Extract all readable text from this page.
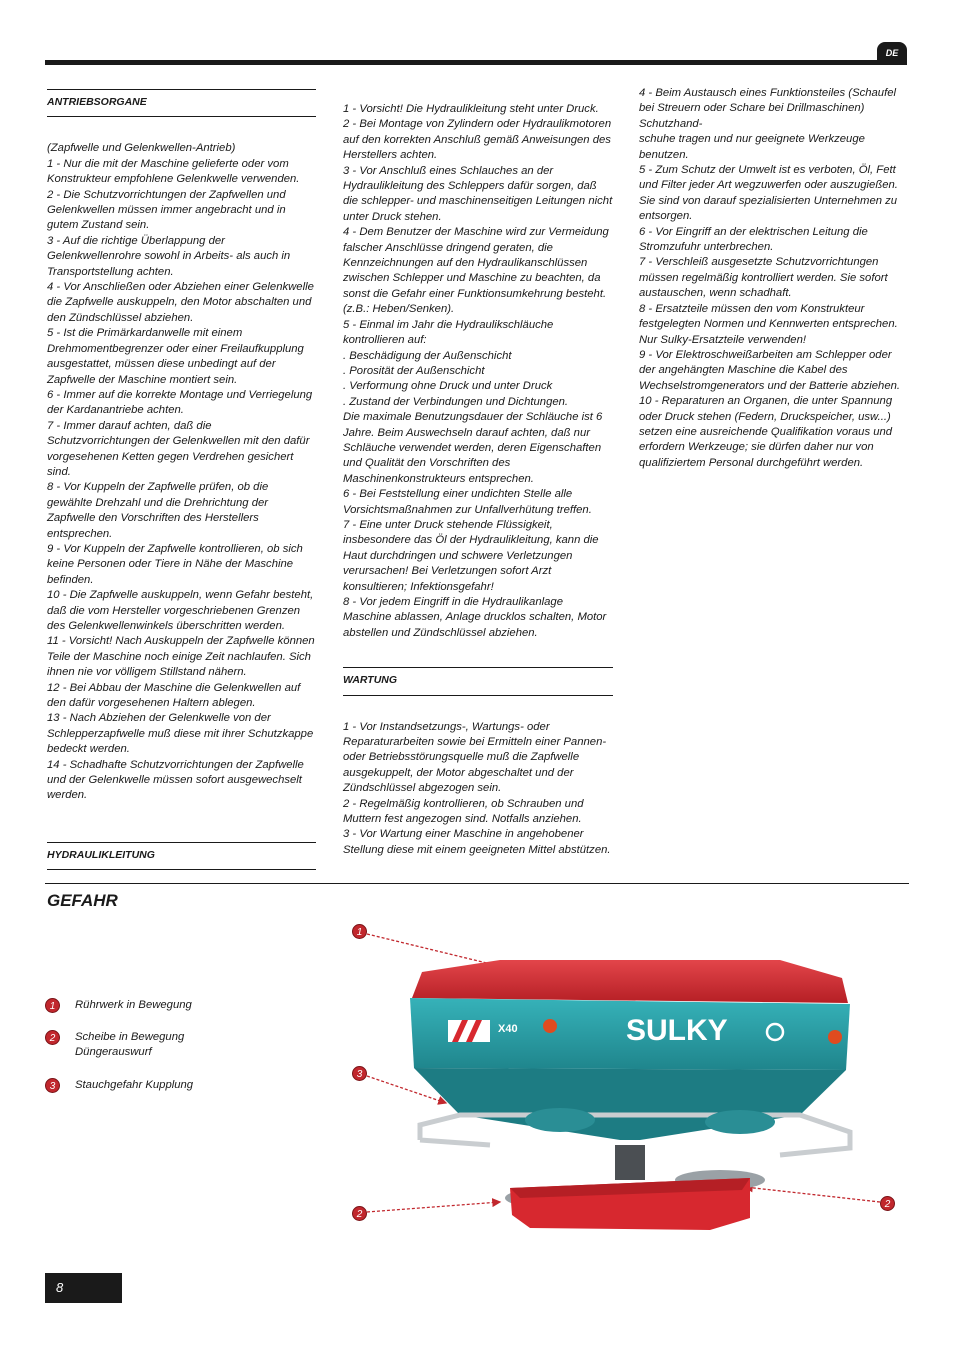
DE
ANTRIEBSORGANE

(Zapfwelle und Gelenkwellen-Antrieb)

1 - Nur die mit der Maschine gelieferte oder vom Konstrukteur empfohlene Gelenkwelle verwenden.

2 - Die Schutzvorrichtungen der Zapfwellen und Gelenkwellen müssen immer angebracht und in gutem Zustand sein.

3 - Auf die richtige Überlappung der Gelenkwellenrohre sowohl in Arbeits- als auch in Transportstellung achten.

4 - Vor Anschließen oder Abziehen einer Gelenkwelle die Zapfwelle auskuppeln, den Motor abschalten und den Zündschlüssel abziehen.

5 - Ist die Primärkardanwelle mit einem Drehmomentbegrenzer oder einer Freilaufkupplung ausgestattet, müssen diese unbedingt auf der Zapfwelle der Maschine montiert sein.

6 - Immer auf die korrekte Montage und Verriegelung der Kardanantriebe achten.

7 - Immer darauf achten, daß die Schutzvorrichtungen der Gelenkwellen mit den dafür vorgesehenen Ketten gegen Verdrehen gesichert sind.

8 - Vor Kuppeln der Zapfwelle prüfen, ob die gewählte Drehzahl und die Drehrichtung der Zapfwelle den Vorschriften des Herstellers entsprechen.

9 - Vor Kuppeln der Zapfwelle kontrollieren, ob sich keine Personen oder Tiere in Nähe der Maschine befinden.

10 - Die Zapfwelle auskuppeln, wenn Gefahr besteht, daß die vom Hersteller vorgeschriebenen Grenzen des Gelenkwellenwinkels überschritten werden.

11 - Vorsicht! Nach Auskuppeln der Zapfwelle können Teile der Maschine noch einige Zeit nachlaufen. Sich ihnen nie vor völligem Stillstand nähern.

12 - Bei Abbau der Maschine die Gelenkwellen auf den dafür vorgesehenen Haltern ablegen.

13 - Nach Abziehen der Gelenkwelle von der Schlepperzapfwelle muß diese mit ihrer Schutzkappe bedeckt werden.

14 - Schadhafte Schutzvorrichtungen der Zapfwelle und der Gelenkwelle müssen sofort ausgewechselt werden.

HYDRAULIKLEITUNG

1 - Vorsicht! Die Hydraulikleitung steht unter Druck.

2 - Bei Montage von Zylindern oder Hydraulikmotoren auf den korrekten Anschluß gemäß Anweisungen des Herstellers achten.

3 - Vor Anschluß eines Schlauches an der Hydraulikleitung des Schleppers dafür sorgen, daß die schlepper- und maschinenseitigen Leitungen nicht unter Druck stehen.

4 - Dem Benutzer der Maschine wird zur Vermeidung falscher Anschlüsse dringend geraten, die Kennzeichnungen auf den Hydraulikanschlüssen zwischen Schlepper und Maschine zu beachten, da sonst die Gefahr einer Funktionsumkehrung besteht. (z.B.: Heben/Senken).

5 - Einmal im Jahr die Hydraulikschläuche kontrollieren auf:

. Beschädigung der Außenschicht

. Porosität der Außenschicht

. Verformung ohne Druck und unter Druck

. Zustand der Verbindungen und Dichtungen.

Die maximale Benutzungsdauer der Schläuche ist 6 Jahre. Beim Auswechseln darauf achten, daß nur Schläuche verwendet werden, deren Eigenschaften und Qualität den Vorschriften des Maschinenkonstrukteurs entsprechen.

6 - Bei Feststellung einer undichten Stelle alle Vorsichtsmaßnahmen zur Unfallverhütung treffen.

7 - Eine unter Druck stehende Flüssigkeit, insbesondere das Öl der Hydraulikleitung, kann die Haut durchdringen und schwere Verletzungen verursachen! Bei Verletzungen sofort Arzt konsultieren; Infektionsgefahr!

8 - Vor jedem Eingriff in die Hydraulikanlage Maschine ablassen, Anlage drucklos schalten, Motor abstellen und Zündschlüssel abziehen.

WARTUNG

1 - Vor Instandsetzungs-, Wartungs- oder Reparaturarbeiten sowie bei Ermitteln einer Pannen- oder Betriebsstörungsquelle muß die Zapfwelle ausgekuppelt, der Motor abgeschaltet und der Zündschlüssel abgezogen sein.

2 - Regelmäßig kontrollieren, ob Schrauben und Muttern fest angezogen sind. Notfalls anziehen.

3 - Vor Wartung einer Maschine in angehobener Stellung diese mit einem geeigneten Mittel abstützen.

4 - Beim Austausch eines Funktionsteiles (Schaufel bei Streuern oder Schare bei Drillmaschinen) Schutzhand-

schuhe tragen und nur geeignete Werkzeuge benutzen.

5 - Zum Schutz der Umwelt ist es verboten, Öl, Fett und Filter jeder Art wegzuwerfen oder auszugießen. Sie sind von darauf spezialisierten Unternehmen zu entsorgen.

6 - Vor Eingriff an der elektrischen Leitung die Stromzufuhr unterbrechen.

7 - Verschleiß ausgesetzte Schutzvorrichtungen müssen regelmäßig kontrolliert werden. Sie sofort austauschen, wenn schadhaft.

8 - Ersatzteile müssen den vom Konstrukteur festgelegten Normen und Kennwerten entsprechen. Nur Sulky-Ersatzteile verwenden!

9 - Vor Elektroschweißarbeiten am Schlepper oder der angehängten Maschine die Kabel des Wechselstromgenerators und der Batterie abziehen.

10 - Reparaturen an Organen, die unter Spannung oder Druck stehen (Federn, Druckspeicher, usw...) setzen eine ausreichende Qualifikation voraus und erfordern Werkzeuge; sie dürfen daher nur von qualifiziertem Personal durchgeführt werden.

GEFAHR
1	Rührwerk in Bewegung
2	Scheibe in Bewegung
Düngerauswurf
3	Stauchgefahr Kupplung
SULKY
X40
1
3
2
2
8
